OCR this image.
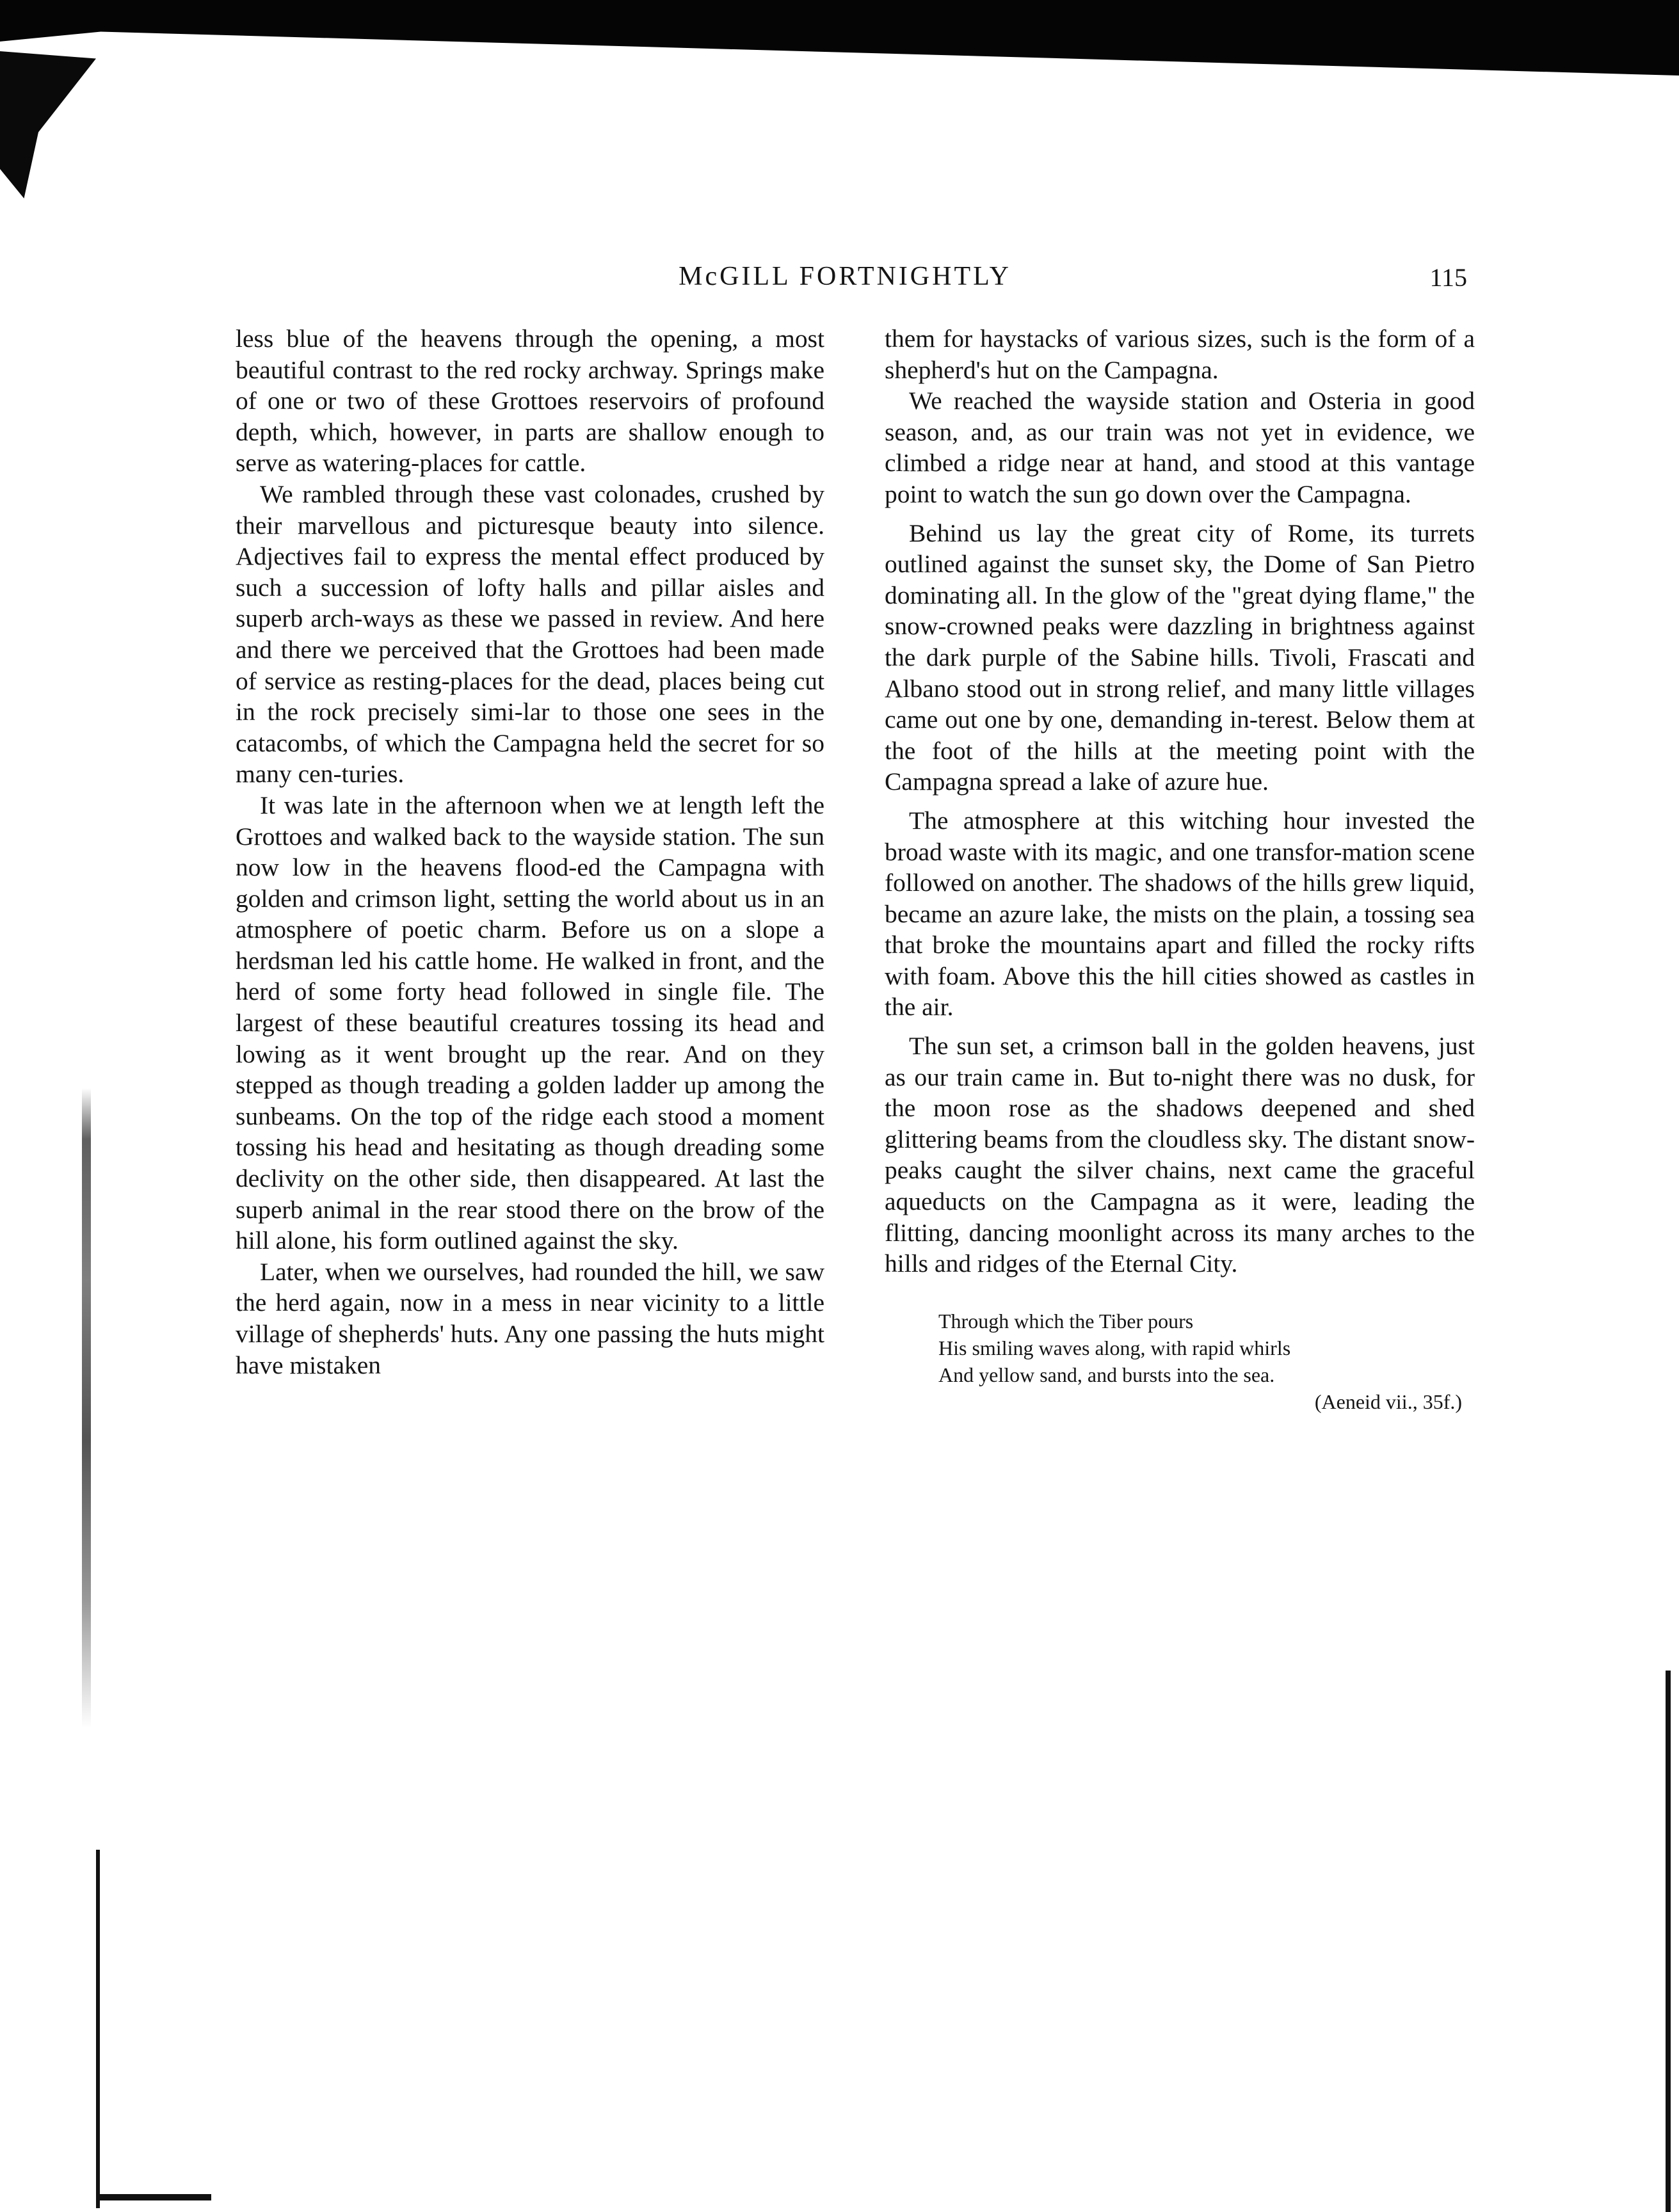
McGILL FORTNIGHTLY	115

less blue of the heavens through the opening, a most beautiful contrast to the red rocky archway. Springs make of one or two of these Grottoes reservoirs of profound depth, which, however, in parts are shallow enough to serve as watering-places for cattle.

We rambled through these vast colonades, crushed by their marvellous and picturesque beauty into silence. Adjectives fail to express the mental effect produced by such a succession of lofty halls and pillar aisles and superb arch-ways as these we passed in review. And here and there we perceived that the Grottoes had been made of service as resting-places for the dead, places being cut in the rock precisely simi-lar to those one sees in the catacombs, of which the Campagna held the secret for so many cen-turies.

It was late in the afternoon when we at length left the Grottoes and walked back to the wayside station. The sun now low in the heavens flood-ed the Campagna with golden and crimson light, setting the world about us in an atmosphere of poetic charm. Before us on a slope a herdsman led his cattle home. He walked in front, and the herd of some forty head followed in single file. The largest of these beautiful creatures tossing its head and lowing as it went brought up the rear. And on they stepped as though treading a golden ladder up among the sunbeams. On the top of the ridge each stood a moment tossing his head and hesitating as though dreading some declivity on the other side, then disappeared. At last the superb animal in the rear stood there on the brow of the hill alone, his form outlined against the sky.

Later, when we ourselves, had rounded the hill, we saw the herd again, now in a mess in near vicinity to a little village of shepherds' huts. Any one passing the huts might have mistaken

them for haystacks of various sizes, such is the form of a shepherd's hut on the Campagna.

We reached the wayside station and Osteria in good season, and, as our train was not yet in evidence, we climbed a ridge near at hand, and stood at this vantage point to watch the sun go down over the Campagna.

Behind us lay the great city of Rome, its turrets outlined against the sunset sky, the Dome of San Pietro dominating all. In the glow of the "great dying flame," the snow-crowned peaks were dazzling in brightness against the dark purple of the Sabine hills. Tivoli, Frascati and Albano stood out in strong relief, and many little villages came out one by one, demanding in-terest. Below them at the foot of the hills at the meeting point with the Campagna spread a lake of azure hue.

The atmosphere at this witching hour invested the broad waste with its magic, and one transfor-mation scene followed on another. The shadows of the hills grew liquid, became an azure lake, the mists on the plain, a tossing sea that broke the mountains apart and filled the rocky rifts with foam. Above this the hill cities showed as castles in the air.

The sun set, a crimson ball in the golden heavens, just as our train came in. But to-night there was no dusk, for the moon rose as the shadows deepened and shed glittering beams from the cloudless sky. The distant snow-peaks caught the silver chains, next came the graceful aqueducts on the Campagna as it were, leading the flitting, dancing moonlight across its many arches to the hills and ridges of the Eternal City.

Through which the Tiber pours
His smiling waves along, with rapid whirls
And yellow sand, and bursts into the sea.
(Aeneid vii., 35f.)
